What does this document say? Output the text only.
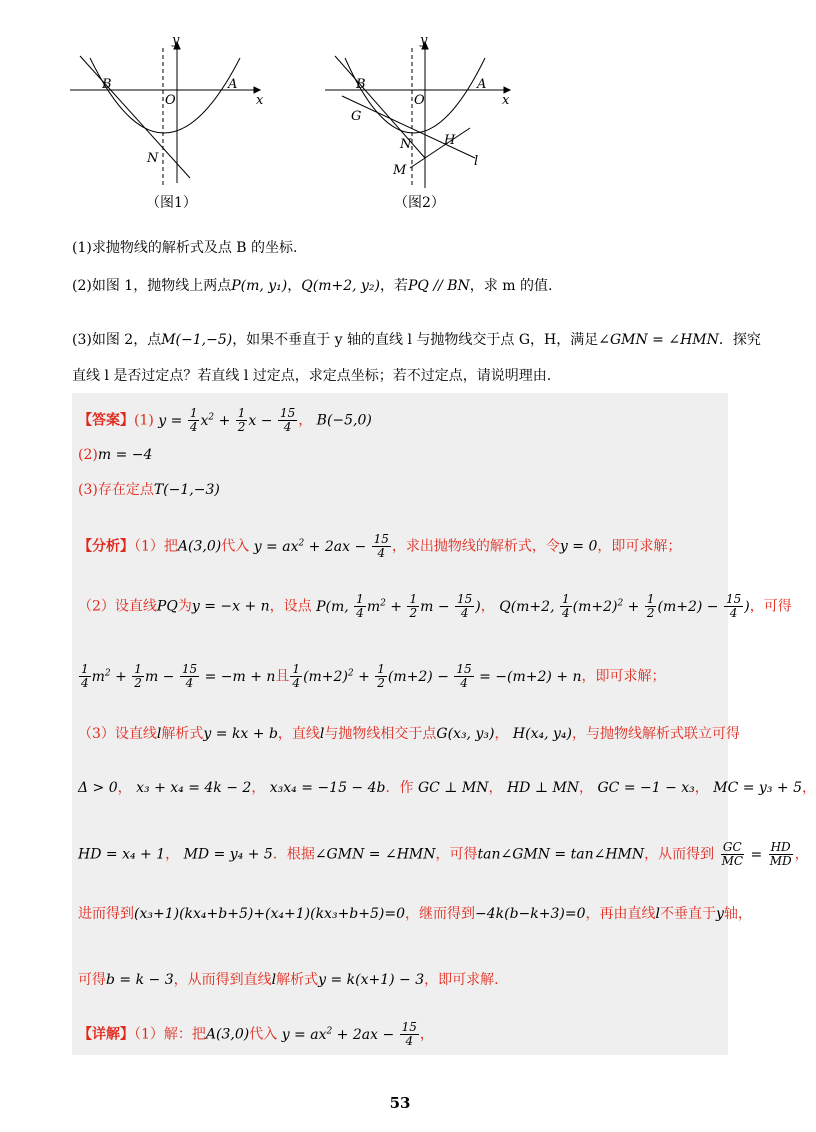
y
x
B
O
A
N
y
x
B
O
A
G
N	H
M
l
（图1）	（图2）
(1)求抛物线的解析式及点 B 的坐标.
(2)如图 1，抛物线上两点P(m, y₁)，Q(m+2, y₂)，若PQ // BN，求 m 的值.
(3)如图 2，点M(−1,−5)，如果不垂直于 y 轴的直线 l 与抛物线交于点 G，H，满足∠GMN = ∠HMN．探究
直线 l 是否过定点？若直线 l 过定点，求定点坐标；若不过定点，请说明理由.
【答案】(1) $y = \frac{1}{4} x^2 + \frac{1}{2}$ $x - \frac{15}{4}$ ， B(−5,0)
(2)m = −4
(3)存在定点T(−1,−3)
【分析】（1）把A(3,0)代入 $y = ax^2 + 2ax - \frac{15}{4}$ ，求出抛物线的解析式，令y = 0，即可求解；
（2）设直线PQ为y = −x + n，设点 P(m, $\frac{1}{4} m^2 + \frac{1}{2}$ $m - \frac{15}{4}$ )， Q(m+2, $\frac{1}{4} (m+2)^2 + \frac{1}{2} (m+2) - \frac{15}{4}$ )，可得
$\frac{1}{4} m^2 + \frac{1}{2}$ $m - \frac{15}{4} = -m + n$且 $\frac{1}{4} (m+2)^2 + \frac{1}{2} (m+2) - \frac{15}{4} = -(m+2) + n$，即可求解；
（3）设直线l解析式y = kx + b，直线l与抛物线相交于点G(x₃, y₃)， H(x₄, y₄)，与抛物线解析式联立可得
Δ > 0， x₃ + x₄ = 4k − 2， x₃x₄ = −15 − 4b．作 GC ⊥ MN， HD ⊥ MN， GC = −1 − x₃， MC = y₃ + 5，
HD = x₄ + 1， MD = y₄ + 5．根据∠GMN = ∠HMN，可得tan∠GMN = tan∠HMN，从而得到 $\frac{GC}{MC} = \frac{HD}{MD}$ ，
进而得到(x₃+1)(kx₄+b+5)+(x₄+1)(kx₃+b+5)=0，继而得到−4k(b−k+3)=0，再由直线l不垂直于y轴，
可得b = k − 3，从而得到直线l解析式y = k(x+1) − 3，即可求解.
【详解】（1）解：把A(3,0)代入 $y = ax^2 + 2ax - \frac{15}{4}$ ，
53
